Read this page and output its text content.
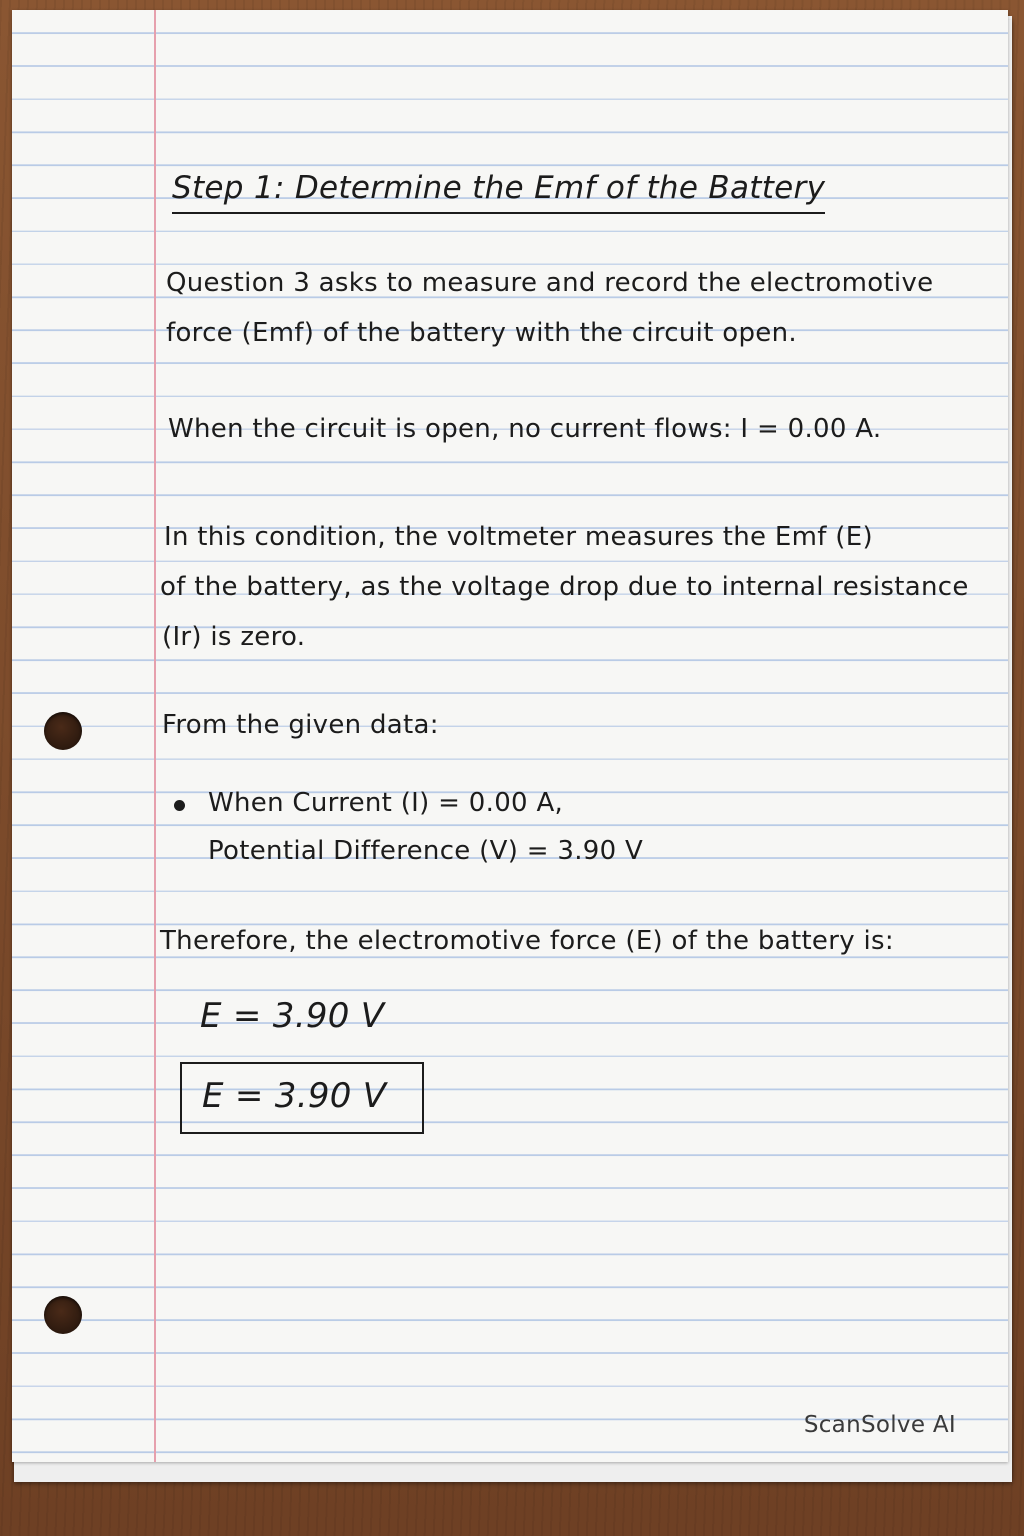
Step 1: Determine the Emf of the Battery
Question 3 asks to measure and record the electromotive
force (Emf) of the battery with the circuit open.
When the circuit is open, no current flows: I = 0.00 A.
In this condition, the voltmeter measures the Emf (E)
of the battery, as the voltage drop due to internal resistance
(Ir) is zero.
From the given data:
When Current (I) = 0.00 A,
Potential Difference (V) = 3.90 V
Therefore, the electromotive force (E) of the battery is:
E = 3.90 V
E = 3.90 V
ScanSolve AI
